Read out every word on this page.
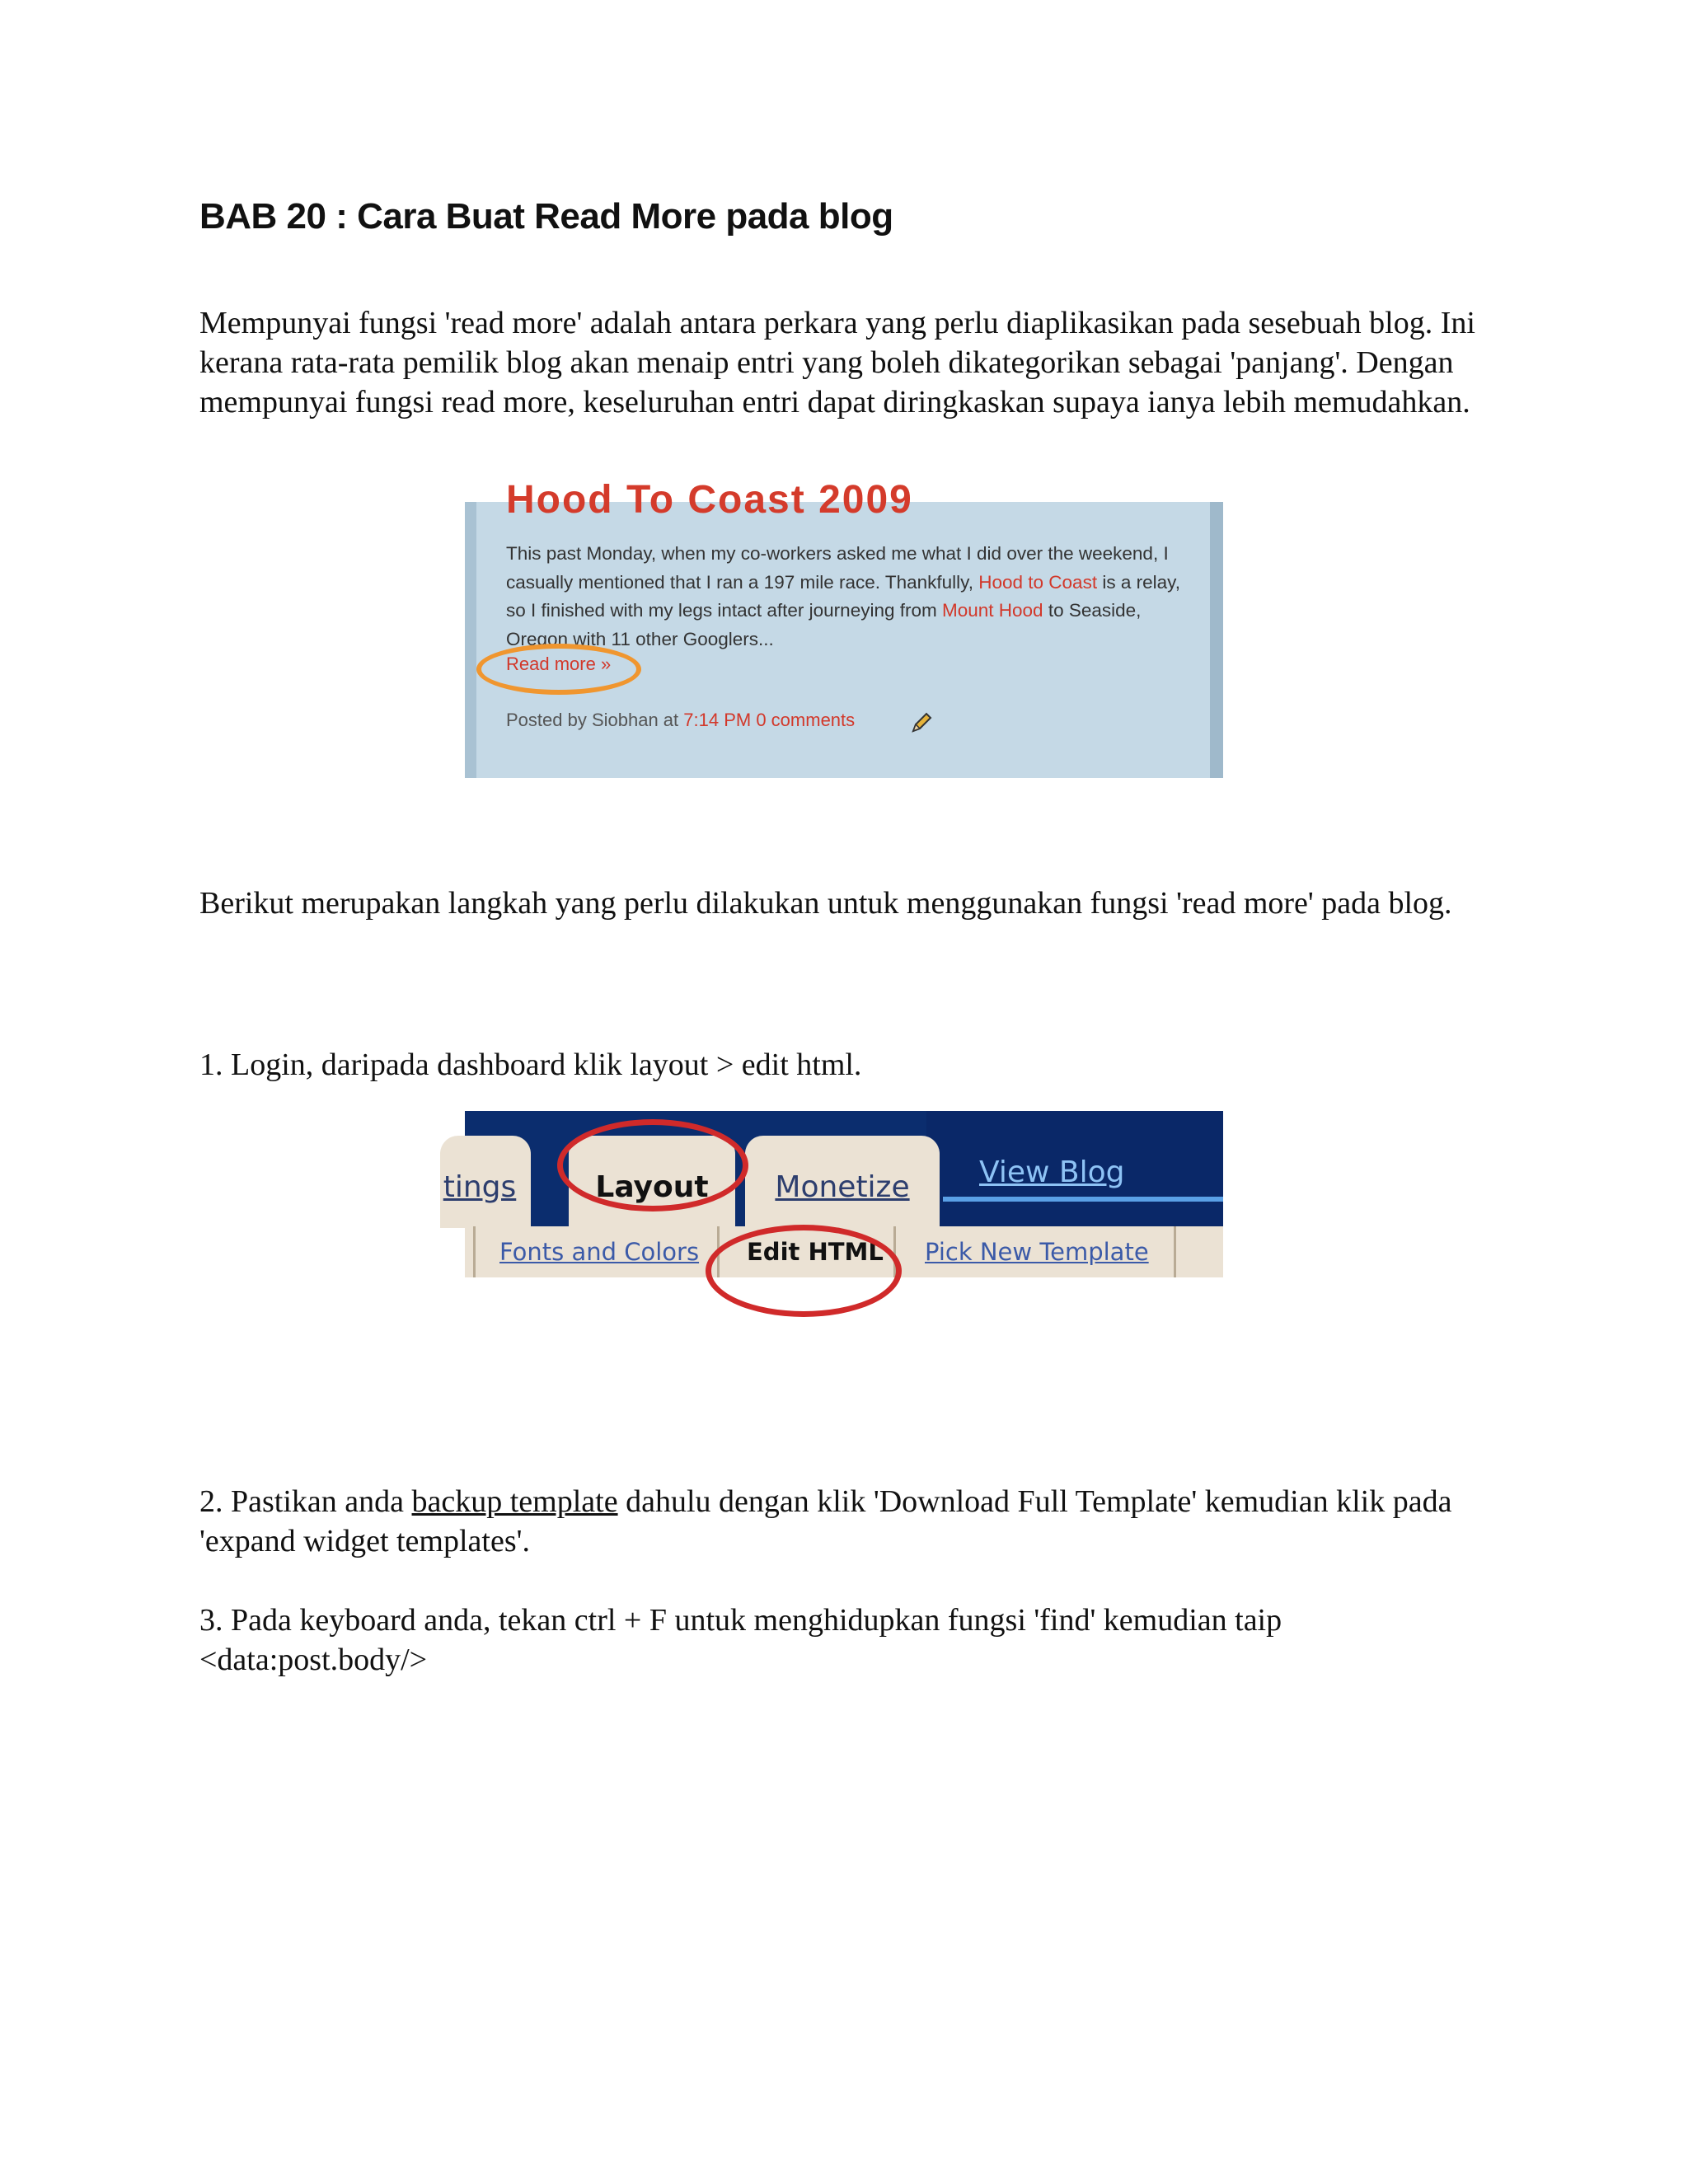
BAB 20 : Cara Buat Read More pada blog

Mempunyai fungsi 'read more' adalah antara perkara yang perlu diaplikasikan pada sesebuah blog. Ini kerana rata-rata pemilik blog akan menaip entri yang boleh dikategorikan sebagai 'panjang'. Dengan mempunyai fungsi read more, keseluruhan entri dapat diringkaskan supaya ianya lebih memudahkan.

Hood To Coast 2009
This past Monday, when my co-workers asked me what I did over the weekend, I casually mentioned that I ran a 197 mile race. Thankfully, Hood to Coast is a relay, so I finished with my legs intact after journeying from Mount Hood to Seaside, Oregon with 11 other Googlers...
Read more »
Posted by Siobhan at 7:14 PM 0 comments

Berikut merupakan langkah yang perlu dilakukan untuk menggunakan fungsi 'read more' pada blog.

1. Login, daripada dashboard klik layout > edit html.

tings	Layout	Monetize	View Blog
Fonts and Colors Edit HTML Pick New Template

2. Pastikan anda backup template dahulu dengan klik 'Download Full Template' kemudian klik pada 'expand widget templates'.

3. Pada keyboard anda, tekan ctrl + F untuk menghidupkan fungsi 'find' kemudian taip
<data:post.body/>
